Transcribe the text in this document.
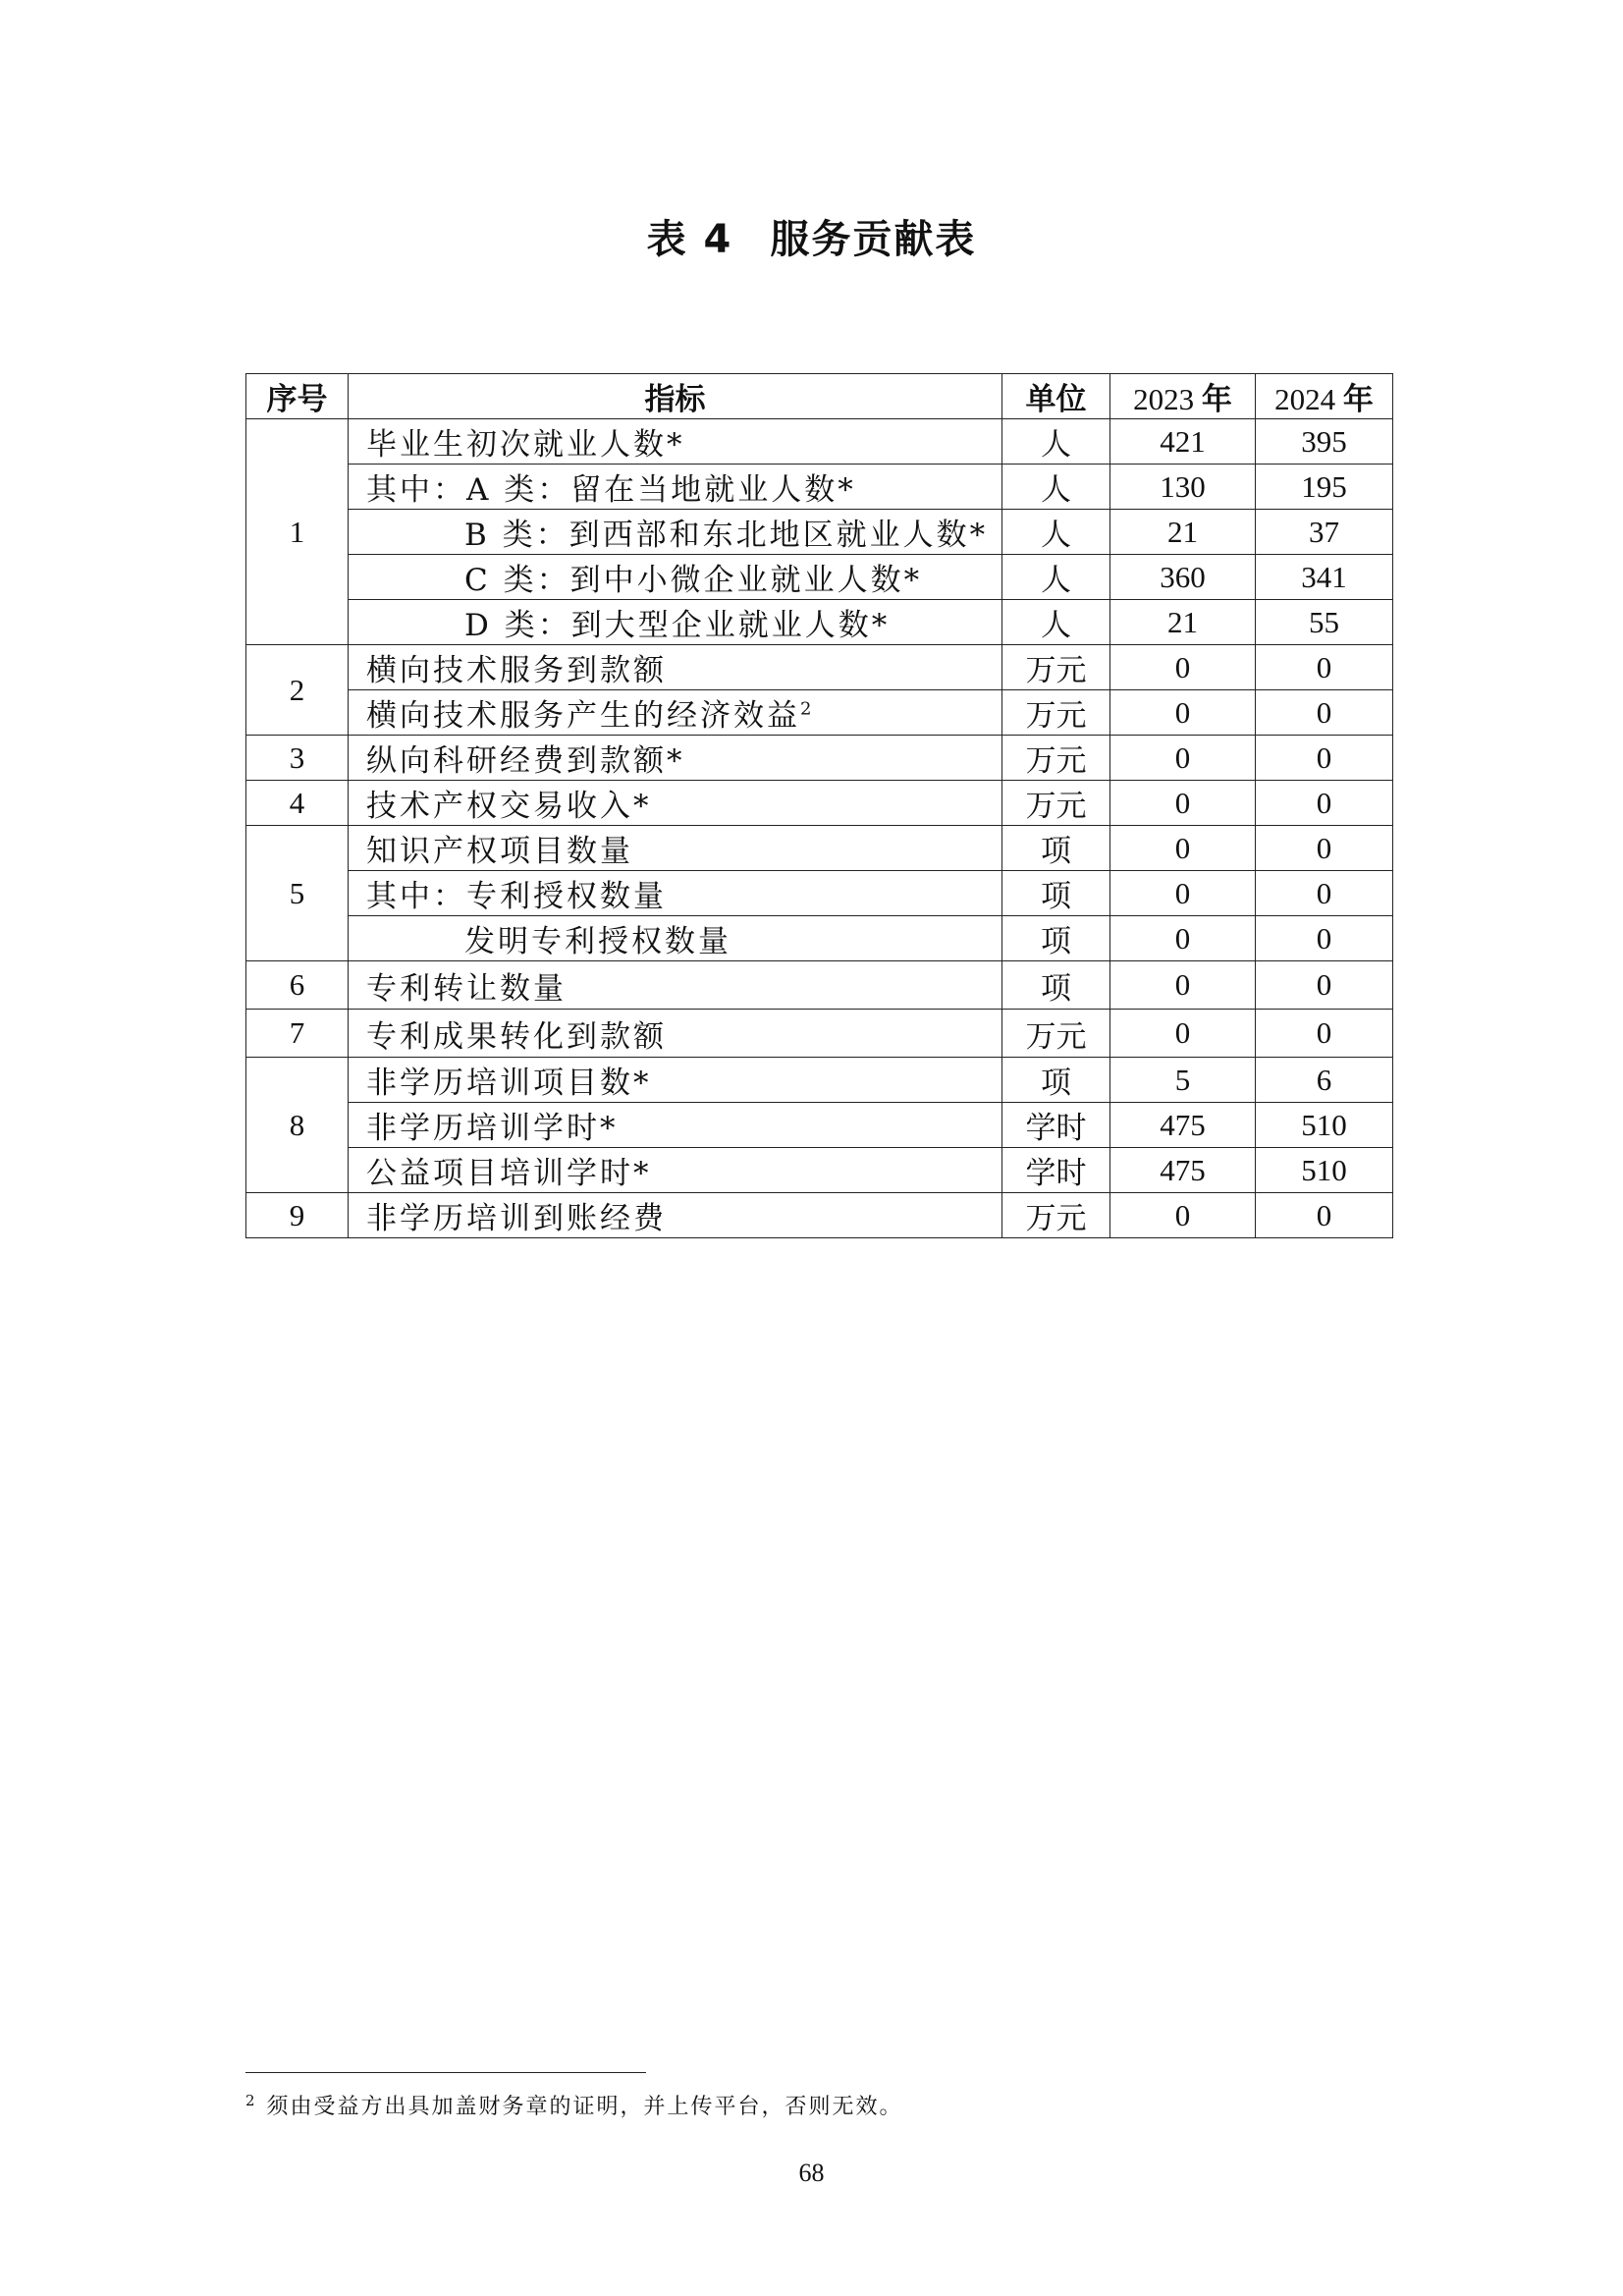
表 4 服务贡献表
序号	指标	单位	2023 年	2024 年
1	毕业生初次就业人数*	人	421	395
	其中：A 类：留在当地就业人数*	人	130	195
	B 类：到西部和东北地区就业人数*	人	21	37
	C 类：到中小微企业就业人数*	人	360	341
	D 类：到大型企业就业人数*	人	21	55
2	横向技术服务到款额	万元	0	0
	横向技术服务产生的经济效益$^2$	万元	0	0
3	纵向科研经费到款额*	万元	0	0
4	技术产权交易收入*	万元	0	0
5	知识产权项目数量	项	0	0
	其中：专利授权数量	项	0	0
	发明专利授权数量	项	0	0
6	专利转让数量	项	0	0
7	专利成果转化到款额	万元	0	0
8	非学历培训项目数*	项	5	6
	非学历培训学时*	学时	475	510
	公益项目培训学时*	学时	475	510
9	非学历培训到账经费	万元	0	0
$^2$ 须由受益方出具加盖财务章的证明，并上传平台，否则无效。
68
